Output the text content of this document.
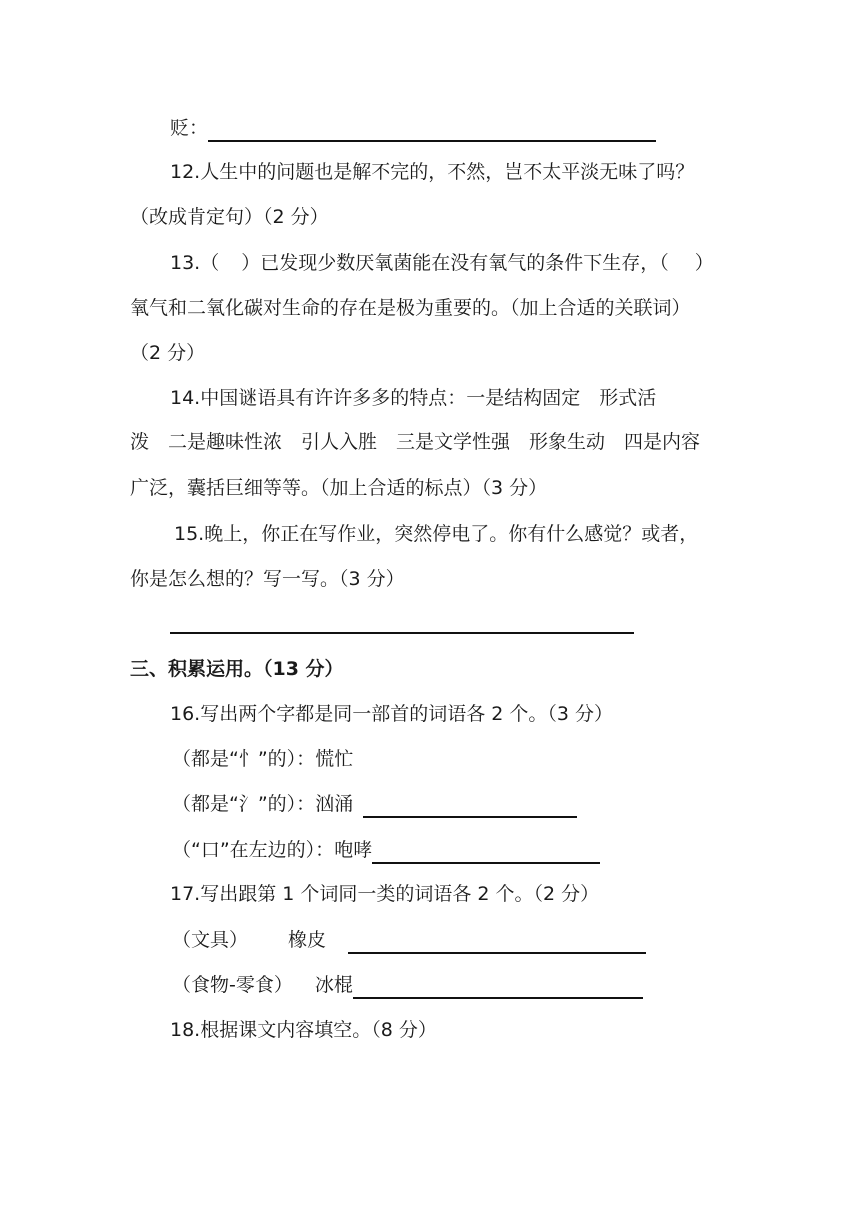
贬：
12.人生中的问题也是解不完的，不然，岂不太平淡无味了吗？
（改成肯定句）（2 分）
13.（ ）已发现少数厌氧菌能在没有氧气的条件下生存，（ ）
氧气和二氧化碳对生命的存在是极为重要的。（加上合适的关联词）
（2 分）
14.中国谜语具有许许多多的特点：一是结构固定　形式活
泼　二是趣味性浓　引人入胜　三是文学性强　形象生动　四是内容
广泛，囊括巨细等等。（加上合适的标点）（3 分）
15.晚上，你正在写作业，突然停电了。你有什么感觉？或者，
你是怎么想的？写一写。（3 分）
三、积累运用。（13 分）
16.写出两个字都是同一部首的词语各 2 个。（3 分）
（都是“忄”的）：慌忙
（都是“氵”的）：汹涌
（“口”在左边的）：咆哮
17.写出跟第 1 个词同一类的词语各 2 个。（2 分）
（文具） 橡皮
（食物-零食） 冰棍
18.根据课文内容填空。（8 分）
